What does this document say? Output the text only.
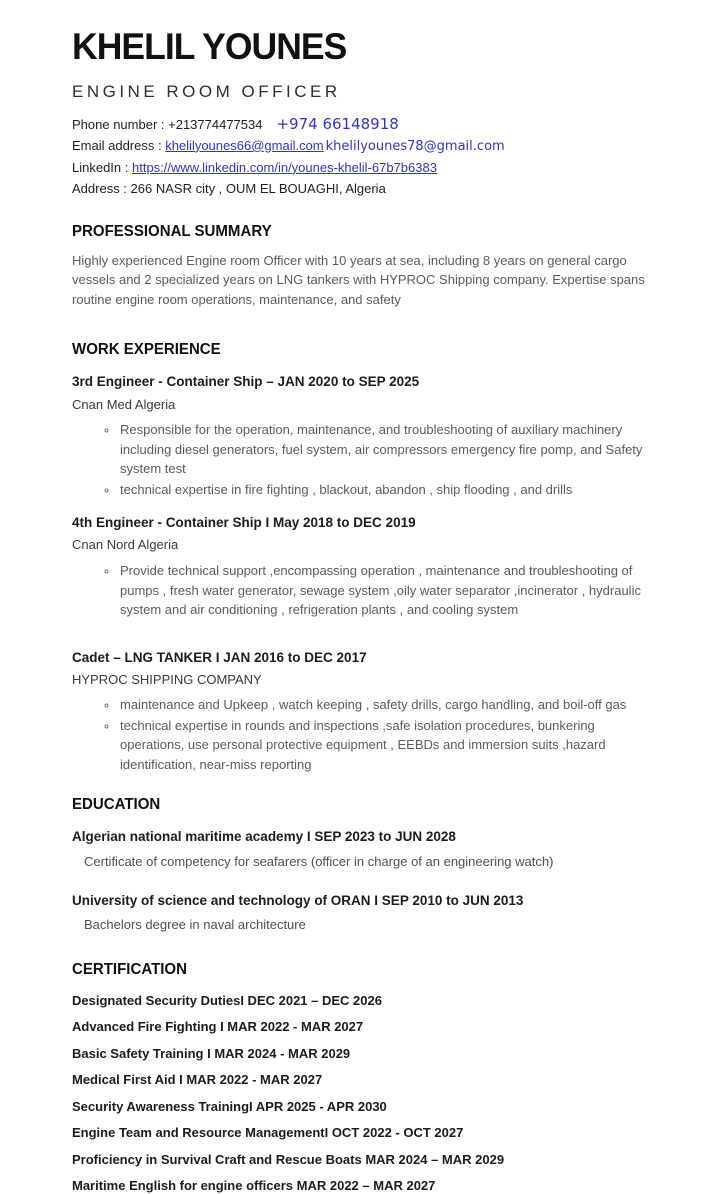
KHELIL YOUNES
ENGINE ROOM OFFICER
Phone number : +213774477534 +974 66148918
Email address : khelilyounes66@gmail.com khelilyounes78@gmail.com
LinkedIn : https://www.linkedin.com/in/younes-khelil-67b7b6383
Address : 266 NASR city , OUM EL BOUAGHI, Algeria
PROFESSIONAL SUMMARY
Highly experienced Engine room Officer with 10 years at sea, including 8 years on general cargo vessels and 2 specialized years on LNG tankers with HYPROC Shipping company. Expertise spans routine engine room operations, maintenance, and safety
WORK EXPERIENCE
3rd Engineer - Container Ship – JAN 2020 to SEP 2025
Cnan Med Algeria
◦ Responsible for the operation, maintenance, and troubleshooting of auxiliary machinery including diesel generators, fuel system, air compressors emergency fire pomp, and Safety system test
◦ technical expertise in fire fighting , blackout, abandon , ship flooding , and drills
4th Engineer - Container Ship I May 2018 to DEC 2019
Cnan Nord Algeria
◦ Provide technical support ,encompassing operation , maintenance and troubleshooting of pumps , fresh water generator, sewage system ,oily water separator ,incinerator , hydraulic system and air conditioning , refrigeration plants , and cooling system
Cadet – LNG TANKER I JAN 2016 to DEC 2017
HYPROC SHIPPING COMPANY
◦ maintenance and Upkeep , watch keeping , safety drills, cargo handling, and boil-off gas
◦ technical expertise in rounds and inspections ,safe isolation procedures, bunkering operations, use personal protective equipment , EEBDs and immersion suits ,hazard identification, near-miss reporting
EDUCATION
Algerian national maritime academy I SEP 2023 to JUN 2028
Certificate of competency for seafarers (officer in charge of an engineering watch)
University of science and technology of ORAN I SEP 2010 to JUN 2013
Bachelors degree in naval architecture
CERTIFICATION
Designated Security DutiesI DEC 2021 – DEC 2026
Advanced Fire Fighting I MAR 2022 - MAR 2027
Basic Safety Training I MAR 2024 - MAR 2029
Medical First Aid I MAR 2022 - MAR 2027
Security Awareness TrainingI APR 2025 - APR 2030
Engine Team and Resource ManagementI OCT 2022 - OCT 2027
Proficiency in Survival Craft and Rescue Boats MAR 2024 – MAR 2029
Maritime English for engine officers MAR 2022 – MAR 2027
